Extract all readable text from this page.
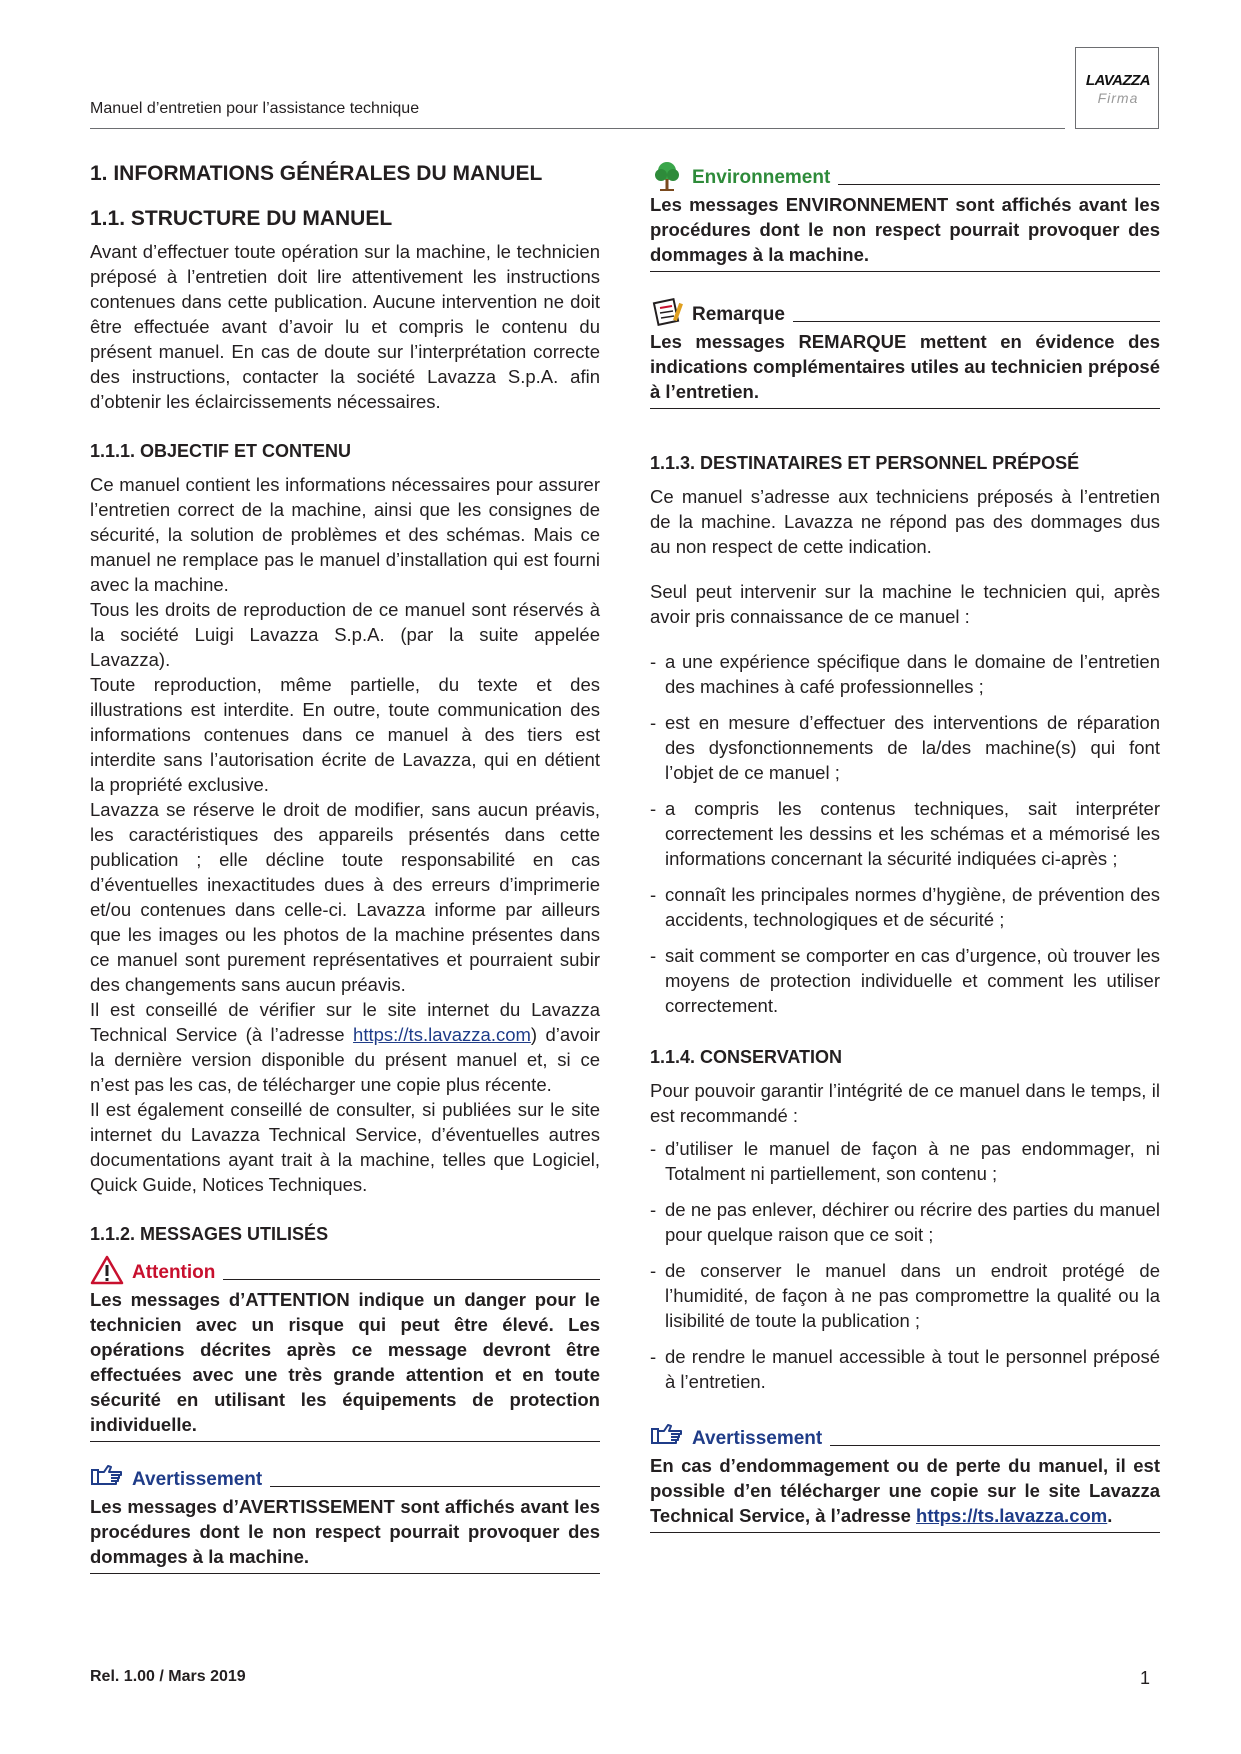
Manuel d’entretien pour l’assistance technique
LAVAZZA
Firma
1. INFORMATIONS GÉNÉRALES DU MANUEL
1.1. STRUCTURE DU MANUEL

Avant d’effectuer toute opération sur la machine, le technicien préposé à l’entretien doit lire attentivement les instructions contenues dans cette publication. Aucune intervention ne doit être effectuée avant d’avoir lu et compris le contenu du présent manuel. En cas de doute sur l’interprétation correcte des instructions, contacter la société Lavazza S.p.A. afin d’obtenir les éclaircissements nécessaires.

1.1.1. OBJECTIF ET CONTENU

Ce manuel contient les informations nécessaires pour assurer l’entretien correct de la machine, ainsi que les consignes de sécurité, la solution de problèmes et des schémas. Mais ce manuel ne remplace pas le manuel d’installation qui est fourni avec la machine.

Tous les droits de reproduction de ce manuel sont réservés à la société Luigi Lavazza S.p.A. (par la suite appelée Lavazza).

Toute reproduction, même partielle, du texte et des illustrations est interdite. En outre, toute communication des informations contenues dans ce manuel à des tiers est interdite sans l’autorisation écrite de Lavazza, qui en détient la propriété exclusive.

Lavazza se réserve le droit de modifier, sans aucun préavis, les caractéristiques des appareils présentés dans cette publication ; elle décline toute responsabilité en cas d’éventuelles inexactitudes dues à des erreurs d’imprimerie et/ou contenues dans celle-ci. Lavazza informe par ailleurs que les images ou les photos de la machine présentes dans ce manuel sont purement représentatives et pourraient subir des changements sans aucun préavis.

Il est conseillé de vérifier sur le site internet du Lavazza Technical Service (à l’adresse https://ts.lavazza.com) d’avoir la dernière version disponible du présent manuel et, si ce n’est pas les cas, de télécharger une copie plus récente.

Il est également conseillé de consulter, si publiées sur le site internet du Lavazza Technical Service, d’éventuelles autres documentations ayant trait à la machine, telles que Logiciel, Quick Guide, Notices Techniques.

1.1.2. MESSAGES UTILISÉS
Attention

Les messages d’ATTENTION indique un danger pour le technicien avec un risque qui peut être élevé. Les opérations décrites après ce message devront être effectuées avec une très grande attention et en toute sécurité en utilisant les équipements de protection individuelle.

Avertissement

Les messages d’AVERTISSEMENT sont affichés avant les procédures dont le non respect pourrait provoquer des dommages à la machine.

Environnement

Les messages ENVIRONNEMENT sont affichés avant les procédures dont le non respect pourrait provoquer des dommages à la machine.

Remarque

Les messages REMARQUE mettent en évidence des indications complémentaires utiles au technicien préposé à l’entretien.

1.1.3. DESTINATAIRES ET PERSONNEL PRÉPOSÉ

Ce manuel s’adresse aux techniciens préposés à l’entretien de la machine. Lavazza ne répond pas des dommages dus au non respect de cette indication.

Seul peut intervenir sur la machine le technicien qui, après avoir pris connaissance de ce manuel :

- a une expérience spécifique dans le domaine de l’entretien des machines à café professionnelles ;
- est en mesure d’effectuer des interventions de réparation des dysfonctionnements de la/des machine(s) qui font l’objet de ce manuel ;
- a compris les contenus techniques, sait interpréter correctement les dessins et les schémas et a mémorisé les informations concernant la sécurité indiquées ci-après ;
- connaît les principales normes d’hygiène, de prévention des accidents, technologiques et de sécurité ;
- sait comment se comporter en cas d’urgence, où trouver les moyens de protection individuelle et comment les utiliser correctement.
1.1.4. CONSERVATION

Pour pouvoir garantir l’intégrité de ce manuel dans le temps, il est recommandé :

- d’utiliser le manuel de façon à ne pas endommager, ni Totalment ni partiellement, son contenu ;
- de ne pas enlever, déchirer ou récrire des parties du manuel pour quelque raison que ce soit ;
- de conserver le manuel dans un endroit protégé de l’humidité, de façon à ne pas compromettre la qualité ou la lisibilité de toute la publication ;
- de rendre le manuel accessible à tout le personnel préposé à l’entretien.
Avertissement

En cas d’endommagement ou de perte du manuel, il est possible d’en télécharger une copie sur le site Lavazza Technical Service, à l’adresse https://ts.lavazza.com.

Rel. 1.00 / Mars 2019	1
